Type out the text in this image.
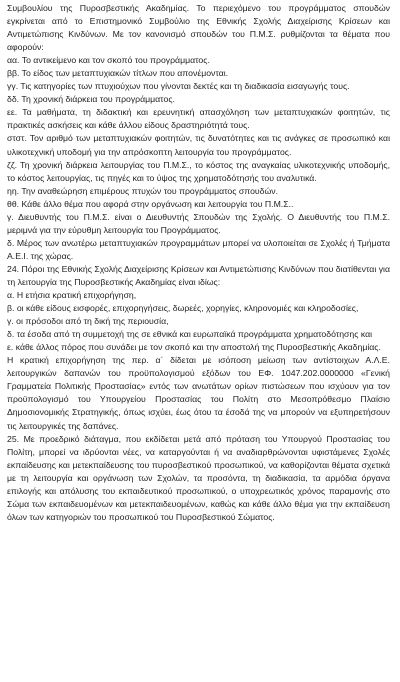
Συμβουλίου της Πυροσβεστικής Ακαδημίας. Το περιεχόμενο του προγράμματος σπουδών εγκρίνεται από το Επιστημονικό Συμβούλιο της Εθνικής Σχολής Διαχείρισης Κρίσεων και Αντιμετώπισης Κινδύνων. Με τον κανονισμό σπουδών του Π.Μ.Σ. ρυθμίζονται τα θέματα που αφορούν:

αα. Το αντικείμενο και τον σκοπό του προγράμματος.

ββ. Το είδος των μεταπτυχιακών τίτλων που απονέμονται.

γγ. Τις κατηγορίες των πτυχιούχων που γίνονται δεκτές και τη διαδικασία εισαγωγής τους.

δδ. Τη χρονική διάρκεια του προγράμματος.

εε. Τα μαθήματα, τη διδακτική και ερευνητική απασχόληση των μεταπτυχιακών φοιτητών, τις πρακτικές ασκήσεις και κάθε άλλου είδους δραστηριότητά τους.

στστ. Τον αριθμό των μεταπτυχιακών φοιτητών, τις δυνατότητες και τις ανάγκες σε προσωπικό και υλικοτεχνική υποδομή για την απρόσκοπτη λειτουργία του προγράμματος.

ζζ. Τη χρονική διάρκεια λειτουργίας του Π.Μ.Σ., το κόστος της αναγκαίας υλικοτεχνικής υποδομής, το κόστος λειτουργίας, τις πηγές και το ύψος της χρηματοδότησής του αναλυτικά.

ηη. Την αναθεώρηση επιμέρους πτυχών του προγράμματος σπουδών.

θθ. Κάθε άλλο θέμα που αφορά στην οργάνωση και λειτουργία του Π.Μ.Σ..

γ. Διευθυντής του Π.Μ.Σ. είναι ο Διευθυντής Σπουδών της Σχολής. Ο Διευθυντής του Π.Μ.Σ. μεριμνά για την εύρυθμη λειτουργία του Προγράμματος.

δ. Μέρος των ανωτέρω μεταπτυχιακών προγραμμάτων μπορεί να υλοποιείται σε Σχολές ή Τμήματα Α.Ε.Ι. της χώρας.

24. Πόροι της Εθνικής Σχολής Διαχείρισης Κρίσεων και Αντιμετώπισης Κινδύνων που διατίθενται για τη λειτουργία της Πυροσβεστικής Ακαδημίας είναι ιδίως:

α. Η ετήσια κρατική επιχορήγηση,

β. οι κάθε είδους εισφορές, επιχορηγήσεις, δωρεές, χορηγίες, κληρονομιές και κληροδοσίες,

γ. οι πρόσοδοι από τη δική της περιουσία,

δ. τα έσοδα από τη συμμετοχή της σε εθνικά και ευρωπαϊκά προγράμματα χρηματοδότησης και

ε. κάθε άλλος πόρος που συνάδει με τον σκοπό και την αποστολή της Πυροσβεστικής Ακαδημίας.

Η κρατική επιχορήγηση της περ. α΄ δίδεται με ισόποση μείωση των αντίστοιχων Α.Λ.Ε. λειτουργικών δαπανών του προϋπολογισμού εξόδων του ΕΦ. 1047.202.0000000 «Γενική Γραμματεία Πολιτικής Προστασίας» εντός των ανωτάτων ορίων πιστώσεων που ισχύουν για τον προϋπολογισμό του Υπουργείου Προστασίας του Πολίτη στο Μεσοπρόθεσμο Πλαίσιο Δημοσιονομικής Στρατηγικής, όπως ισχύει, έως ότου τα έσοδά της να μπορούν να εξυπηρετήσουν τις λειτουργικές της δαπάνες.

25. Με προεδρικό διάταγμα, που εκδίδεται μετά από πρόταση του Υπουργού Προστασίας του Πολίτη, μπορεί να ιδρύονται νέες, να καταργούνται ή να αναδιαρθρώνονται υφιστάμενες Σχολές εκπαίδευσης και μετεκπαίδευσης του πυροσβεστικού προσωπικού, να καθορίζονται θέματα σχετικά με τη λειτουργία και οργάνωση των Σχολών, τα προσόντα, τη διαδικασία, τα αρμόδια όργανα επιλογής και απόλυσης του εκπαιδευτικού προσωπικού, ο υποχρεωτικός χρόνος παραμονής στο Σώμα των εκπαιδευομένων και μετεκπαιδευομένων, καθώς και κάθε άλλο θέμα για την εκπαίδευση όλων των κατηγοριών του προσωπικού του Πυροσβεστικού Σώματος.
